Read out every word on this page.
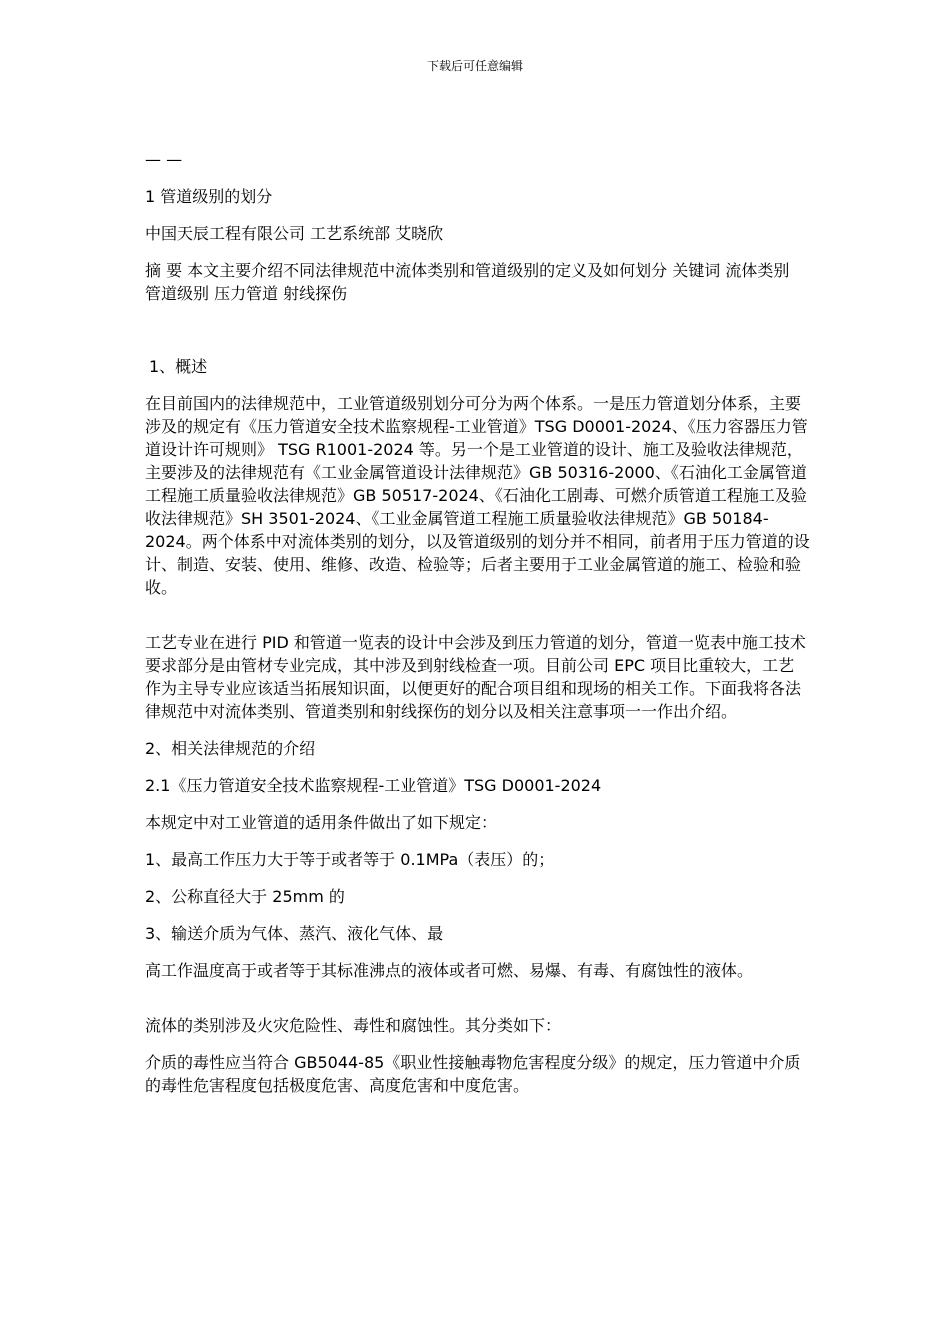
下载后可任意编辑

— —

1 管道级别的划分

中国天辰工程有限公司 工艺系统部 艾晓欣

摘 要 本文主要介绍不同法律规范中流体类别和管道级别的定义及如何划分 关键词 流体类别 管道级别 压力管道 射线探伤

1、概述

在目前国内的法律规范中，工业管道级别划分可分为两个体系。一是压力管道划分体系，主要涉及的规定有《压力管道安全技术监察规程-工业管道》TSG D0001-2024、《压力容器压力管道设计许可规则》 TSG R1001-2024 等。另一个是工业管道的设计、施工及验收法律规范，主要涉及的法律规范有《工业金属管道设计法律规范》GB 50316-2000、《石油化工金属管道工程施工质量验收法律规范》GB 50517-2024、《石油化工剧毒、可燃介质管道工程施工及验收法律规范》SH 3501-2024、《工业金属管道工程施工质量验收法律规范》GB 50184-2024。两个体系中对流体类别的划分，以及管道级别的划分并不相同，前者用于压力管道的设计、制造、安装、使用、维修、改造、检验等；后者主要用于工业金属管道的施工、检验和验收。

工艺专业在进行 PID 和管道一览表的设计中会涉及到压力管道的划分，管道一览表中施工技术要求部分是由管材专业完成，其中涉及到射线检查一项。目前公司 EPC 项目比重较大，工艺作为主导专业应该适当拓展知识面，以便更好的配合项目组和现场的相关工作。下面我将各法律规范中对流体类别、管道类别和射线探伤的划分以及相关注意事项一一作出介绍。

2、相关法律规范的介绍

2.1《压力管道安全技术监察规程-工业管道》TSG D0001-2024

本规定中对工业管道的适用条件做出了如下规定：

1、最高工作压力大于等于或者等于 0.1MPa（表压）的；

2、公称直径大于 25mm 的

3、输送介质为气体、蒸汽、液化气体、最

高工作温度高于或者等于其标准沸点的液体或者可燃、易爆、有毒、有腐蚀性的液体。

流体的类别涉及火灾危险性、毒性和腐蚀性。其分类如下：

介质的毒性应当符合 GB5044-85《职业性接触毒物危害程度分级》的规定，压力管道中介质的毒性危害程度包括极度危害、高度危害和中度危害。
